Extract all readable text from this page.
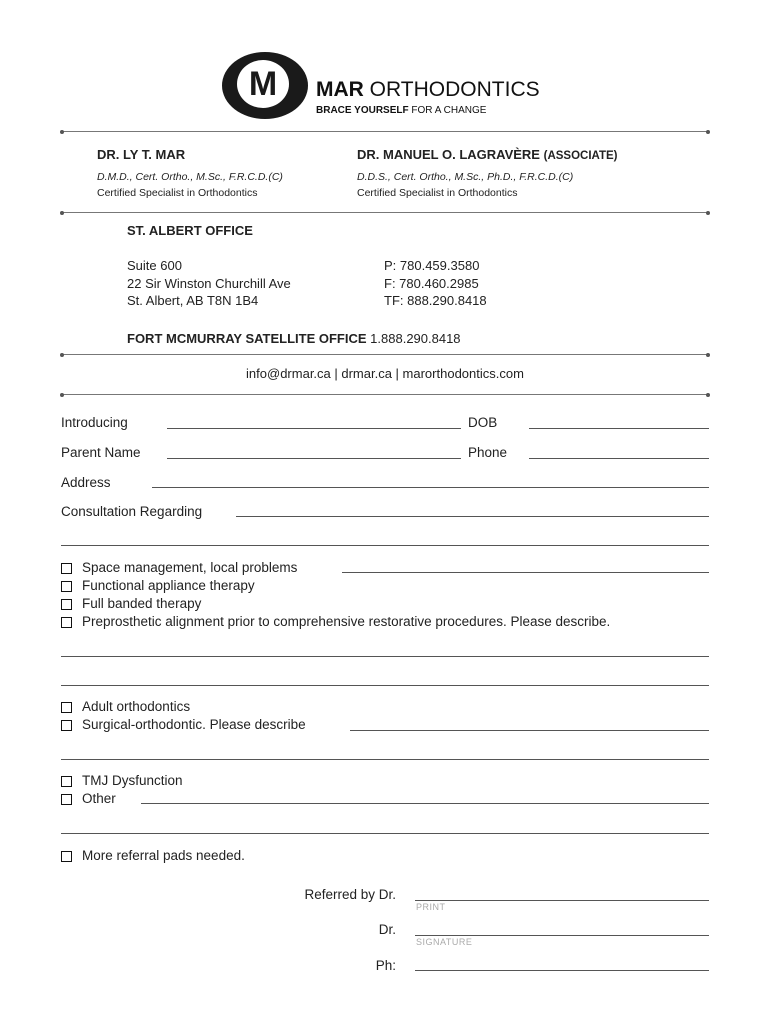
M	MAR ORTHODONTICS
BRACE YOURSELF FOR A CHANGE
DR. LY T. MAR
D.M.D., Cert. Ortho., M.Sc., F.R.C.D.(C)
Certified Specialist in Orthodontics
DR. MANUEL O. LAGRAVÈRE (ASSOCIATE)
D.D.S., Cert. Ortho., M.Sc., Ph.D., F.R.C.D.(C)
Certified Specialist in Orthodontics
ST. ALBERT OFFICE
Suite 600
22 Sir Winston Churchill Ave
St. Albert, AB T8N 1B4
P: 780.459.3580
F: 780.460.2985
TF: 888.290.8418
FORT MCMURRAY SATELLITE OFFICE 1.888.290.8418
info@drmar.ca | drmar.ca | marorthodontics.com
Introducing	DOB
Parent Name	Phone
Address
Consultation Regarding
Space management, local problems
Functional appliance therapy
Full banded therapy
Preprosthetic alignment prior to comprehensive restorative procedures. Please describe.
Adult orthodontics
Surgical-orthodontic. Please describe
TMJ Dysfunction
Other
More referral pads needed.
Referred by Dr.
PRINT
Dr.
SIGNATURE
Ph:
